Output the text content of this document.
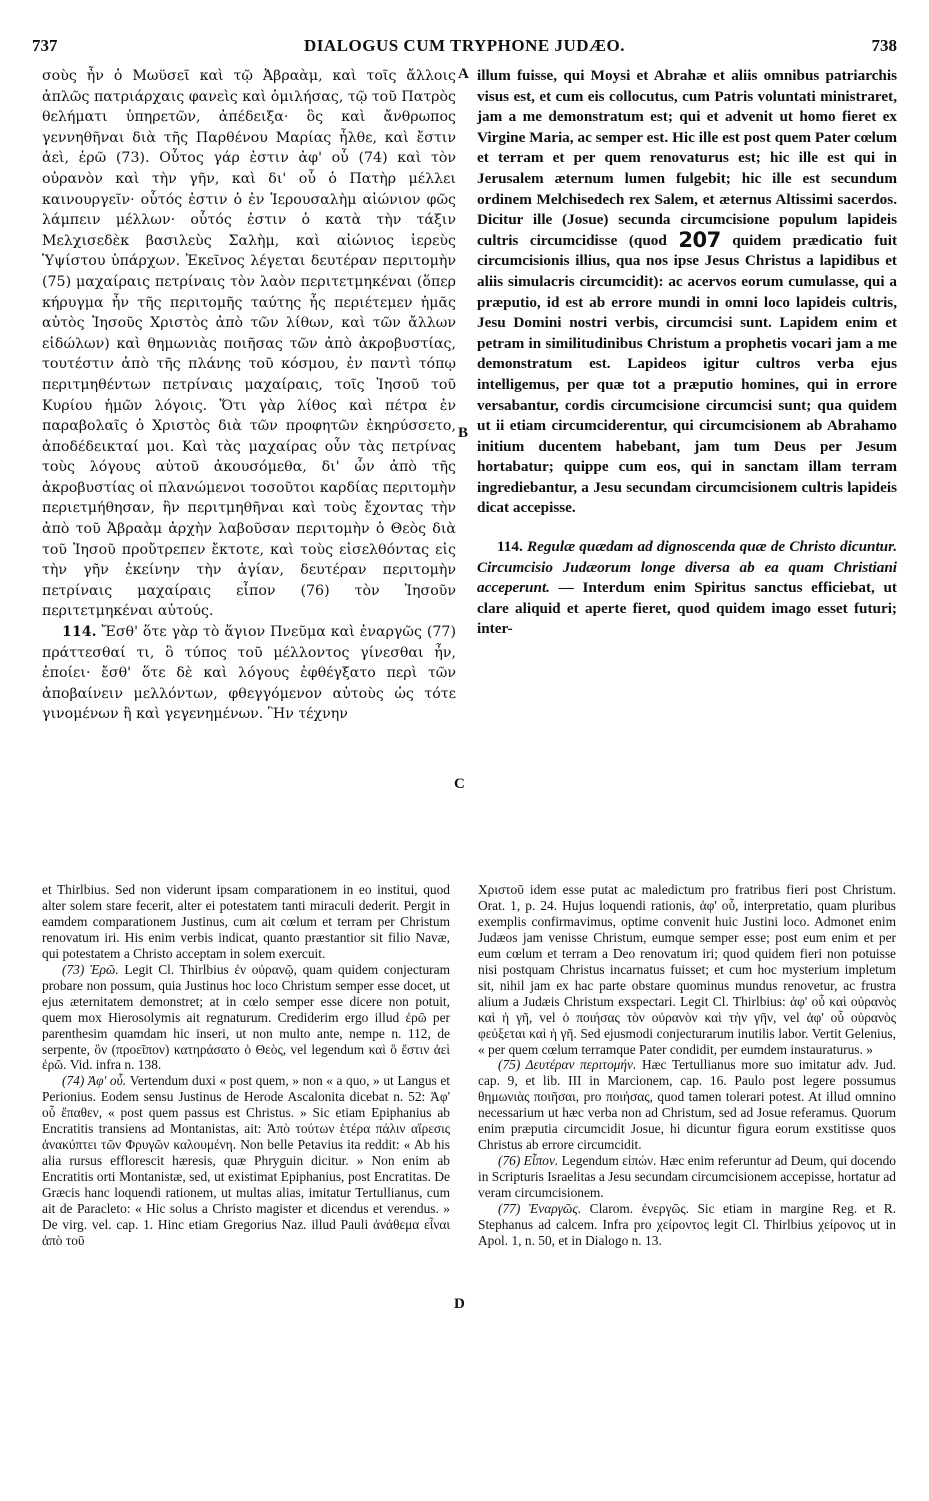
737	DIALOGUS CUM TRYPHONE JUDÆO.	738

σοὺς ἦν ὁ Μωϋσεῖ καὶ τῷ Ἀβραὰμ, καὶ τοῖς ἄλλοις ἁπλῶς πατριάρχαις φανεὶς καὶ ὁμιλήσας, τῷ τοῦ Πατρὸς θελήματι ὑπηρετῶν, ἀπέδειξα· ὃς καὶ ἄνθρωπος γεννηθῆναι διὰ τῆς Παρθένου Μαρίας ἦλθε, καὶ ἔστιν ἀεὶ, ἐρῶ (73). Οὗτος γάρ ἐστιν ἀφ' οὗ (74) καὶ τὸν οὐρανὸν καὶ τὴν γῆν, καὶ δι' οὗ ὁ Πατὴρ μέλλει καινουργεῖν· οὗτός ἐστιν ὁ ἐν Ἱερουσαλὴμ αἰώνιον φῶς λάμπειν μέλλων· οὗτός ἐστιν ὁ κατὰ τὴν τάξιν Μελχισεδὲκ βασιλεὺς Σαλὴμ, καὶ αἰώνιος ἱερεὺς Ὑψίστου ὑπάρχων. Ἐκεῖνος λέγεται δευτέραν περιτομὴν (75) μαχαίραις πετρίναις τὸν λαὸν περιτετμηκέναι (ὅπερ κήρυγμα ἦν τῆς περιτομῆς ταύτης ἧς περιέτεμεν ἡμᾶς αὐτὸς Ἰησοῦς Χριστὸς ἀπὸ τῶν λίθων, καὶ τῶν ἄλλων εἰδώλων) καὶ θημωνιὰς ποιῆσας τῶν ἀπὸ ἀκροβυστίας, τουτέστιν ἀπὸ τῆς πλάνης τοῦ κόσμου, ἐν παντὶ τόπῳ περιτμηθέντων πετρίναις μαχαίραις, τοῖς Ἰησοῦ τοῦ Κυρίου ἡμῶν λόγοις. Ὅτι γὰρ λίθος καὶ πέτρα ἐν παραβολαῖς ὁ Χριστὸς διὰ τῶν προφητῶν ἐκηρύσσετο, ἀποδέδεικταί μοι. Καὶ τὰς μαχαίρας οὖν τὰς πετρίνας τοὺς λόγους αὐτοῦ ἀκουσόμεθα, δι' ὧν ἀπὸ τῆς ἀκροβυστίας οἱ πλανώμενοι τοσοῦτοι καρδίας περιτομὴν περιετμήθησαν, ἣν περιτμηθῆναι καὶ τοὺς ἔχοντας τὴν ἀπὸ τοῦ Ἀβραὰμ ἀρχὴν λαβοῦσαν περιτομὴν ὁ Θεὸς διὰ τοῦ Ἰησοῦ προὔτρεπεν ἔκτοτε, καὶ τοὺς εἰσελθόντας εἰς τὴν γῆν ἐκείνην τὴν ἁγίαν, δευτέραν περιτομὴν πετρίναις μαχαίραις εἶπον (76) τὸν Ἰησοῦν περιτετμηκέναι αὐτούς.

114. Ἔσθ' ὅτε γὰρ τὸ ἅγιον Πνεῦμα καὶ ἐναργῶς (77) πράττεσθαί τι, ὃ τύπος τοῦ μέλλοντος γίνεσθαι ἦν, ἐποίει· ἔσθ' ὅτε δὲ καὶ λόγους ἐφθέγξατο περὶ τῶν ἀποβαίνειν μελλόντων, φθεγγόμενον αὐτοὺς ὡς τότε γινομένων ἢ καὶ γεγενημένων. Ἣν τέχνην

A
B
C
D

illum fuisse, qui Moysi et Abrahæ et aliis omnibus patriarchis visus est, et cum eis collocutus, cum Patris voluntati ministraret, jam a me demonstratum est; qui et advenit ut homo fieret ex Virgine Maria, ac semper est. Hic ille est post quem Pater cœlum et terram et per quem renovaturus est; hic ille est qui in Jerusalem æternum lumen fulgebit; hic ille est secundum ordinem Melchisedech rex Salem, et æternus Altissimi sacerdos. Dicitur ille (Josue) secunda circumcisione populum lapideis cultris circumcidisse (quod 207 quidem prædicatio fuit circumcisionis illius, qua nos ipse Jesus Christus a lapidibus et aliis simulacris circumcidit): ac acervos eorum cumulasse, qui a præputio, id est ab errore mundi in omni loco lapideis cultris, Jesu Domini nostri verbis, circumcisi sunt. Lapidem enim et petram in similitudinibus Christum a prophetis vocari jam a me demonstratum est. Lapideos igitur cultros verba ejus intelligemus, per quæ tot a præputio homines, qui in errore versabantur, cordis circumcisione circumcisi sunt; qua quidem ut ii etiam circumciderentur, qui circumcisionem ab Abrahamo initium ducentem habebant, jam tum Deus per Jesum hortabatur; quippe cum eos, qui in sanctam illam terram ingrediebantur, a Jesu secundam circumcisionem cultris lapideis dicat accepisse.

114. Regulæ quædam ad dignoscenda quæ de Christo dicuntur. Circumcisio Judæorum longe diversa ab ea quam Christiani acceperunt. — Interdum enim Spiritus sanctus efficiebat, ut clare aliquid et aperte fieret, quod quidem imago esset futuri; inter-

et Thirlbius. Sed non viderunt ipsam comparationem in eo institui, quod alter solem stare fecerit, alter ei potestatem tanti miraculi dederit. Pergit in eamdem comparationem Justinus, cum ait cœlum et terram per Christum renovatum iri. His enim verbis indicat, quanto præstantior sit filio Navæ, qui potestatem a Christo acceptam in solem exercuit.

(73) Ἐρῶ. Legit Cl. Thirlbius ἐν οὐρανῷ, quam quidem conjecturam probare non possum, quia Justinus hoc loco Christum semper esse docet, ut ejus æternitatem demonstret; at in cœlo semper esse dicere non potuit, quem mox Hierosolymis ait regnaturum. Crediderim ergo illud ἐρῶ per parenthesim quamdam hic inseri, ut non multo ante, nempe n. 112, de serpente, ὃν (προεῖπον) κατηράσατο ὁ Θεὸς, vel legendum καὶ ὃ ἔστιν ἀεὶ ἐρῶ. Vid. infra n. 138.

(74) Ἀφ' οὗ. Vertendum duxi « post quem, » non « a quo, » ut Langus et Perionius. Eodem sensu Justinus de Herode Ascalonita dicebat n. 52: Ἀφ' οὗ ἔπαθεν, « post quem passus est Christus. » Sic etiam Epiphanius ab Encratitis transiens ad Montanistas, ait: Ἀπὸ τούτων ἑτέρα πάλιν αἵρεσις ἀνακύπτει τῶν Φρυγῶν καλουμένη. Non belle Petavius ita reddit: « Ab his alia rursus efflorescit hæresis, quæ Phryguin dicitur. » Non enim ab Encratitis orti Montanistæ, sed, ut existimat Epiphanius, post Encratitas. De Græcis hanc loquendi rationem, ut multas alias, imitatur Tertullianus, cum ait de Paracleto: « Hic solus a Christo magister et dicendus et verendus. » De virg. vel. cap. 1. Hinc etiam Gregorius Naz. illud Pauli ἀνάθεμα εἶναι ἀπὸ τοῦ

Χριστοῦ idem esse putat ac maledictum pro fratribus fieri post Christum. Orat. 1, p. 24. Hujus loquendi rationis, ἀφ' οὗ, interpretatio, quam pluribus exemplis confirmavimus, optime convenit huic Justini loco. Admonet enim Judæos jam venisse Christum, eumque semper esse; post eum enim et per eum cœlum et terram a Deo renovatum iri; quod quidem fieri non potuisse nisi postquam Christus incarnatus fuisset; et cum hoc mysterium impletum sit, nihil jam ex hac parte obstare quominus mundus renovetur, ac frustra alium a Judæis Christum exspectari. Legit Cl. Thirlbius: ἀφ' οὗ καὶ οὐρανὸς καὶ ἡ γῆ, vel ὁ ποιήσας τὸν οὐρανὸν καὶ τὴν γῆν, vel ἀφ' οὗ οὐρανὸς φεύξεται καὶ ἡ γῆ. Sed ejusmodi conjecturarum inutilis labor. Vertit Gelenius, « per quem cœlum terramque Pater condidit, per eumdem instauraturus. »

(75) Δευτέραν περιτομήν. Hæc Tertullianus more suo imitatur adv. Jud. cap. 9, et lib. III in Marcionem, cap. 16. Paulo post legere possumus θημωνιὰς ποιῆσαι, pro ποιήσας, quod tamen tolerari potest. At illud omnino necessarium ut hæc verba non ad Christum, sed ad Josue referamus. Quorum enim præputia circumcidit Josue, hi dicuntur figura eorum exstitisse quos Christus ab errore circumcidit.

(76) Εἶπον. Legendum εἰπών. Hæc enim referuntur ad Deum, qui docendo in Scripturis Israelitas a Jesu secundam circumcisionem accepisse, hortatur ad veram circumcisionem.

(77) Ἐναργῶς. Clarom. ἐνεργῶς. Sic etiam in margine Reg. et R. Stephanus ad calcem. Infra pro χείροντος legit Cl. Thirlbius χείρονος ut in Apol. 1, n. 50, et in Dialogo n. 13.
